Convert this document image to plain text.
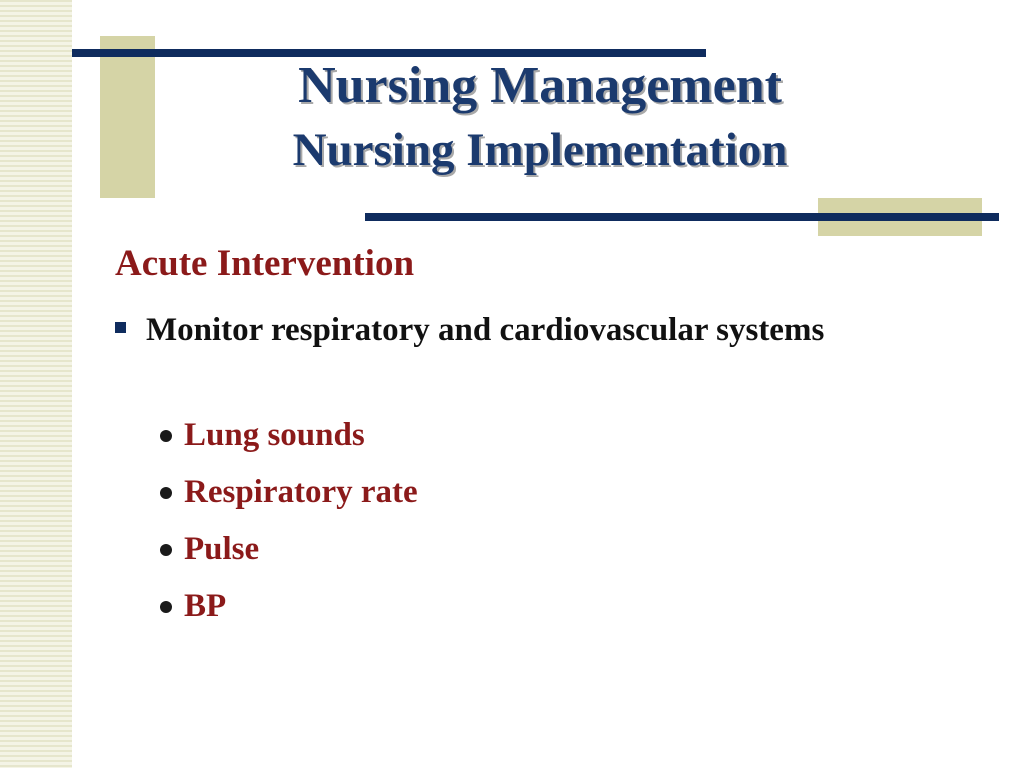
Nursing Management
Nursing Implementation
Acute Intervention
Monitor respiratory and cardiovascular systems
Lung sounds
Respiratory rate
Pulse
BP
